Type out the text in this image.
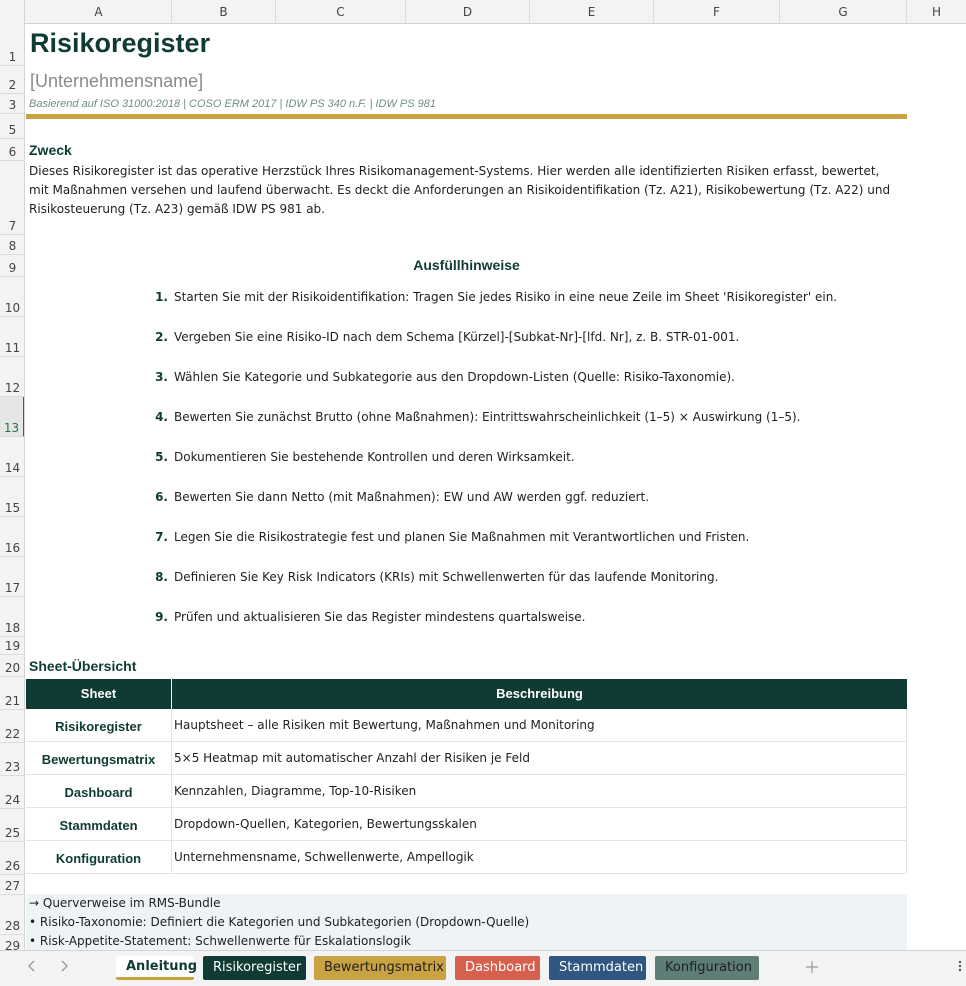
A	B	C	D	E	F	G	H
1
2
3
5
6
7
8
9
10
11
12
13
14
15
16
17
18
19
20
21
22
23
24
25
26
27
28
29
Risikoregister
[Unternehmensname]
Basierend auf ISO 31000:2018 | COSO ERM 2017 | IDW PS 340 n.F. | IDW PS 981
Zweck
Dieses Risikoregister ist das operative Herzstück Ihres Risikomanagement-Systems. Hier werden alle identifizierten Risiken erfasst, bewertet, mit Maßnahmen versehen und laufend überwacht. Es deckt die Anforderungen an Risikoidentifikation (Tz. A21), Risikobewertung (Tz. A22) und Risikosteuerung (Tz. A23) gemäß IDW PS 981 ab.
Ausfüllhinweise
1. Starten Sie mit der Risikoidentifikation: Tragen Sie jedes Risiko in eine neue Zeile im Sheet 'Risikoregister' ein.
2. Vergeben Sie eine Risiko-ID nach dem Schema [Kürzel]-[Subkat-Nr]-[lfd. Nr], z. B. STR-01-001.
3. Wählen Sie Kategorie und Subkategorie aus den Dropdown-Listen (Quelle: Risiko-Taxonomie).
4. Bewerten Sie zunächst Brutto (ohne Maßnahmen): Eintrittswahrscheinlichkeit (1–5) × Auswirkung (1–5).
5. Dokumentieren Sie bestehende Kontrollen und deren Wirksamkeit.
6. Bewerten Sie dann Netto (mit Maßnahmen): EW und AW werden ggf. reduziert.
7. Legen Sie die Risikostrategie fest und planen Sie Maßnahmen mit Verantwortlichen und Fristen.
8. Definieren Sie Key Risk Indicators (KRIs) mit Schwellenwerten für das laufende Monitoring.
9. Prüfen und aktualisieren Sie das Register mindestens quartalsweise.
Sheet-Übersicht
Sheet	Beschreibung
Risikoregister	Hauptsheet – alle Risiken mit Bewertung, Maßnahmen und Monitoring
Bewertungsmatrix	5×5 Heatmap mit automatischer Anzahl der Risiken je Feld
Dashboard	Kennzahlen, Diagramme, Top-10-Risiken
Stammdaten	Dropdown-Quellen, Kategorien, Bewertungsskalen
Konfiguration	Unternehmensname, Schwellenwerte, Ampellogik
→ Querverweise im RMS-Bundle
• Risiko-Taxonomie: Definiert die Kategorien und Subkategorien (Dropdown-Quelle)
• Risk-Appetite-Statement: Schwellenwerte für Eskalationslogik
Anleitung	Risikoregister	Bewertungsmatrix	Dashboard	Stammdaten	Konfiguration
